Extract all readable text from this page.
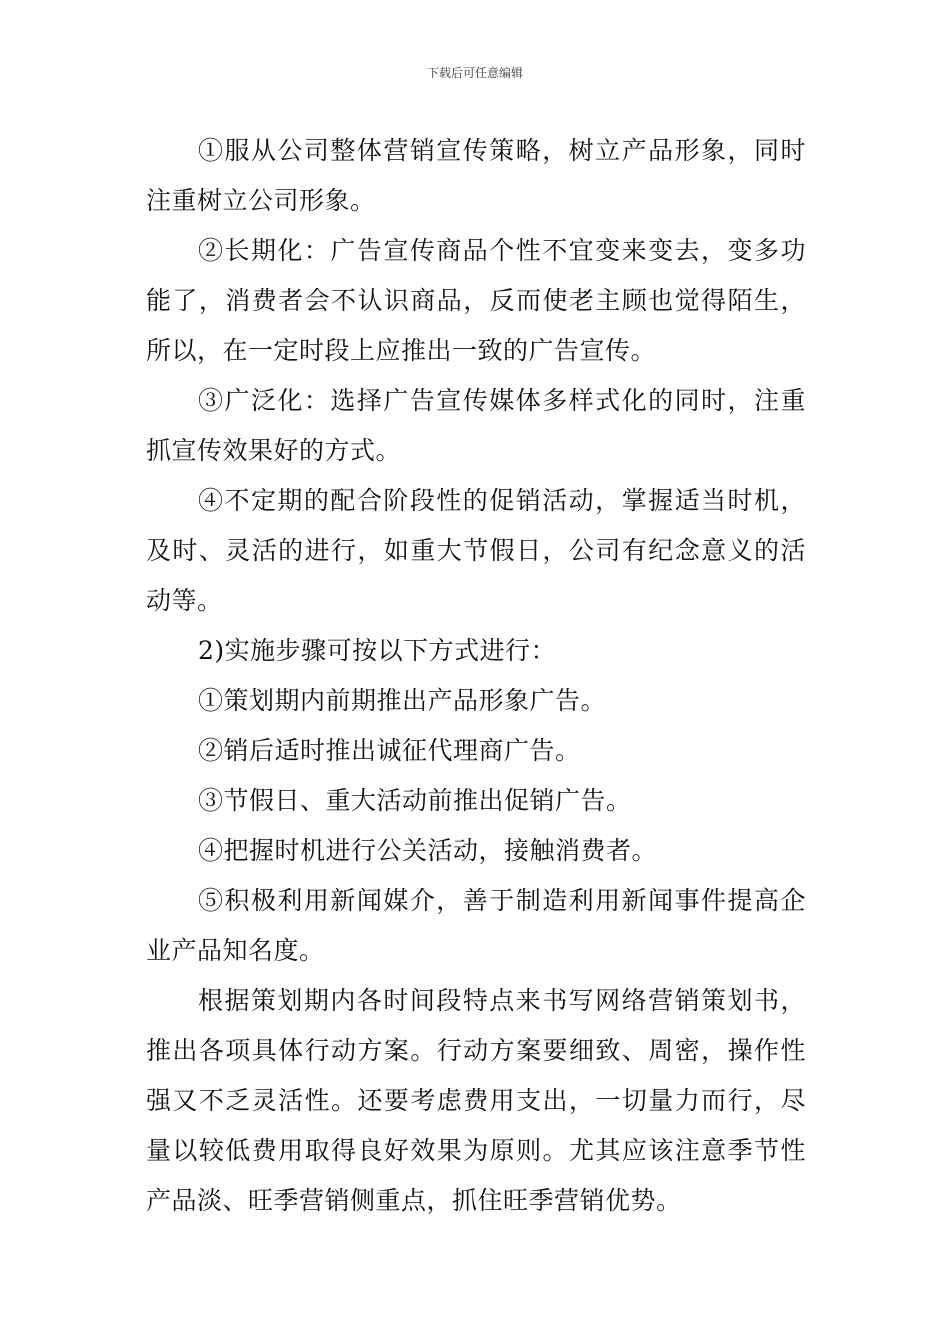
下载后可任意编辑

①服从公司整体营销宣传策略，树立产品形象，同时注重树立公司形象。

②长期化：广告宣传商品个性不宜变来变去，变多功能了，消费者会不认识商品，反而使老主顾也觉得陌生，所以，在一定时段上应推出一致的广告宣传。

③广泛化：选择广告宣传媒体多样式化的同时，注重抓宣传效果好的方式。

④不定期的配合阶段性的促销活动，掌握适当时机，及时、灵活的进行，如重大节假日，公司有纪念意义的活动等。

2)实施步骤可按以下方式进行：

①策划期内前期推出产品形象广告。

②销后适时推出诚征代理商广告。

③节假日、重大活动前推出促销广告。

④把握时机进行公关活动，接触消费者。

⑤积极利用新闻媒介，善于制造利用新闻事件提高企业产品知名度。

根据策划期内各时间段特点来书写网络营销策划书，推出各项具体行动方案。行动方案要细致、周密，操作性强又不乏灵活性。还要考虑费用支出，一切量力而行，尽量以较低费用取得良好效果为原则。尤其应该注意季节性产品淡、旺季营销侧重点，抓住旺季营销优势。
